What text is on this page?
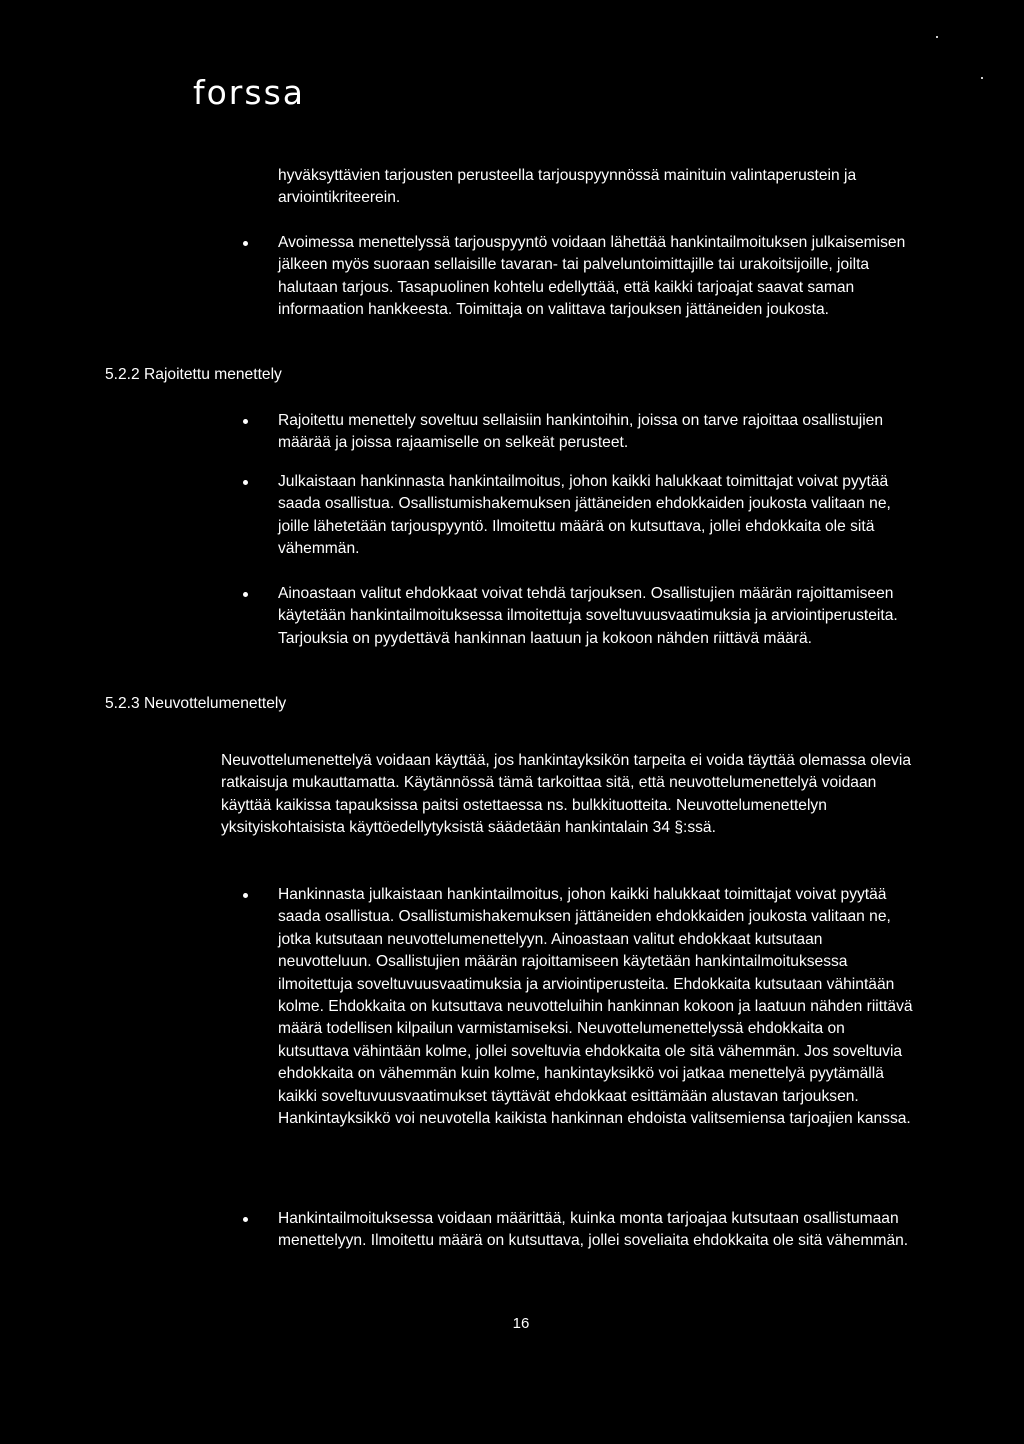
forssa
hyväksyttävien tarjousten perusteella tarjouspyynnössä mainituin valintaperustein ja arviointikriteerein.
Avoimessa menettelyssä tarjouspyyntö voidaan lähettää hankintailmoituksen julkaisemisen jälkeen myös suoraan sellaisille tavaran- tai palveluntoimittajille tai urakoitsijoille, joilta halutaan tarjous. Tasapuolinen kohtelu edellyttää, että kaikki tarjoajat saavat saman informaation hankkeesta. Toimittaja on valittava tarjouksen jättäneiden joukosta.
5.2.2 Rajoitettu menettely
Rajoitettu menettely soveltuu sellaisiin hankintoihin, joissa on tarve rajoittaa osallistujien määrää ja joissa rajaamiselle on selkeät perusteet.
Julkaistaan hankinnasta hankintailmoitus, johon kaikki halukkaat toimittajat voivat pyytää saada osallistua. Osallistumishakemuksen jättäneiden ehdokkaiden joukosta valitaan ne, joille lähetetään tarjouspyyntö. Ilmoitettu määrä on kutsuttava, jollei ehdokkaita ole sitä vähemmän.
Ainoastaan valitut ehdokkaat voivat tehdä tarjouksen. Osallistujien määrän rajoittamiseen käytetään hankintailmoituksessa ilmoitettuja soveltuvuusvaatimuksia ja arviointiperusteita. Tarjouksia on pyydettävä hankinnan laatuun ja kokoon nähden riittävä määrä.
5.2.3 Neuvottelumenettely
Neuvottelumenettelyä voidaan käyttää, jos hankintayksikön tarpeita ei voida täyttää olemassa olevia ratkaisuja mukauttamatta. Käytännössä tämä tarkoittaa sitä, että neuvottelumenettelyä voidaan käyttää kaikissa tapauksissa paitsi ostettaessa ns. bulkkituotteita. Neuvottelumenettelyn yksityiskohtaisista käyttöedellytyksistä säädetään hankintalain 34 §:ssä.
Hankinnasta julkaistaan hankintailmoitus, johon kaikki halukkaat toimittajat voivat pyytää saada osallistua. Osallistumishakemuksen jättäneiden ehdokkaiden joukosta valitaan ne, jotka kutsutaan neuvottelumenettelyyn. Ainoastaan valitut ehdokkaat kutsutaan neuvotteluun. Osallistujien määrän rajoittamiseen käytetään hankintailmoituksessa ilmoitettuja soveltuvuusvaatimuksia ja arviointiperusteita. Ehdokkaita kutsutaan vähintään kolme. Ehdokkaita on kutsuttava neuvotteluihin hankinnan kokoon ja laatuun nähden riittävä määrä todellisen kilpailun varmistamiseksi. Neuvottelumenettelyssä ehdokkaita on kutsuttava vähintään kolme, jollei soveltuvia ehdokkaita ole sitä vähemmän. Jos soveltuvia ehdokkaita on vähemmän kuin kolme, hankintayksikkö voi jatkaa menettelyä pyytämällä kaikki soveltuvuusvaatimukset täyttävät ehdokkaat esittämään alustavan tarjouksen. Hankintayksikkö voi neuvotella kaikista hankinnan ehdoista valitsemiensa tarjoajien kanssa.
Hankintailmoituksessa voidaan määrittää, kuinka monta tarjoajaa kutsutaan osallistumaan menettelyyn. Ilmoitettu määrä on kutsuttava, jollei soveliaita ehdokkaita ole sitä vähemmän.
16
